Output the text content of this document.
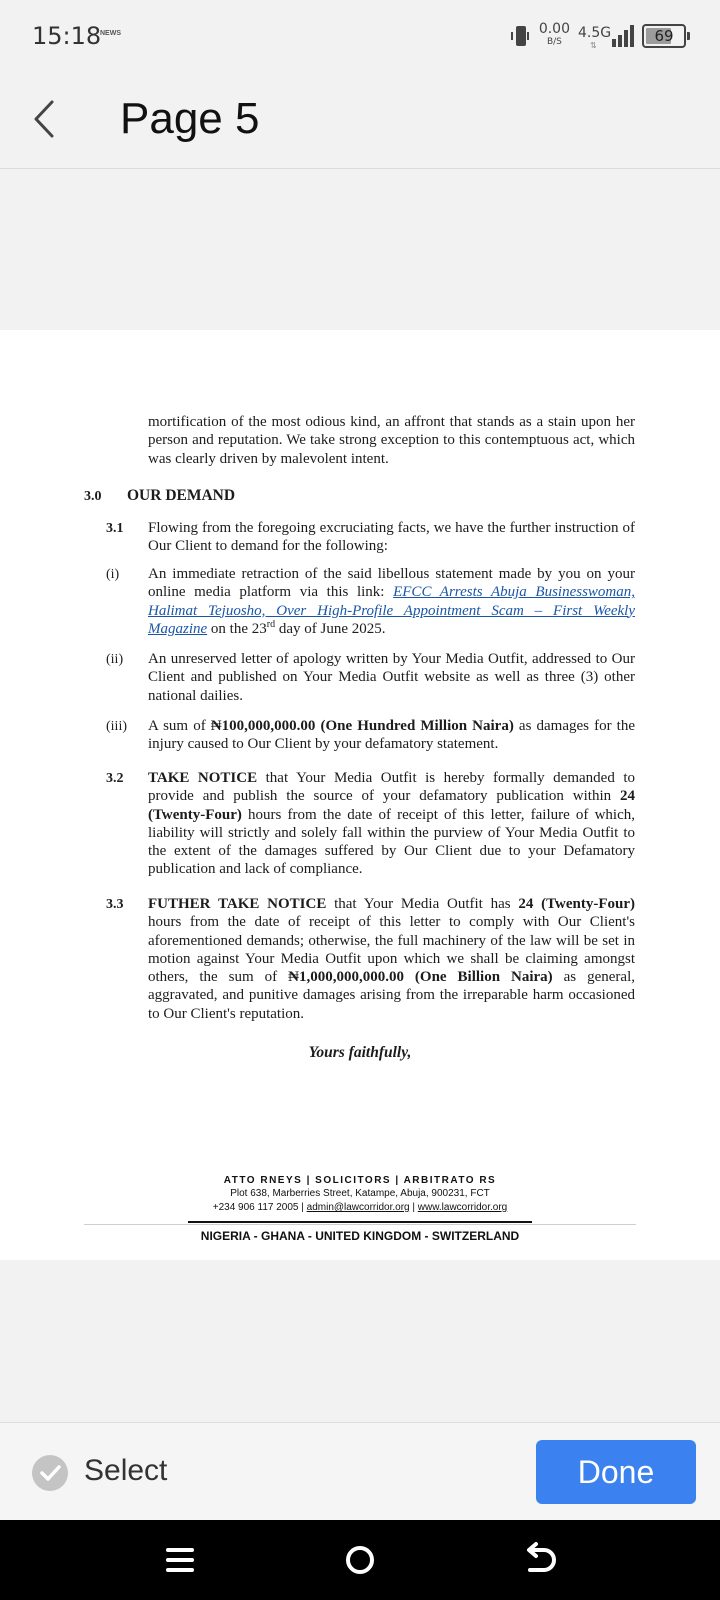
15:18
NEWS	0.00
B/S
4.5G
⇅
69
Page 5
mortification of the most odious kind, an affront that stands as a stain upon her person and reputation. We take strong exception to this contemptuous act, which was clearly driven by malevolent intent.
3.0 OUR DEMAND
3.1 Flowing from the foregoing excruciating facts, we have the further instruction of Our Client to demand for the following:
(i) An immediate retraction of the said libellous statement made by you on your online media platform via this link: EFCC Arrests Abuja Businesswoman, Halimat Tejuosho, Over High-Profile Appointment Scam – First Weekly Magazine on the 23rd day of June 2025.
(ii) An unreserved letter of apology written by Your Media Outfit, addressed to Our Client and published on Your Media Outfit website as well as three (3) other national dailies.
(iii) A sum of ₦100,000,000.00 (One Hundred Million Naira) as damages for the injury caused to Our Client by your defamatory statement.
3.2 TAKE NOTICE that Your Media Outfit is hereby formally demanded to provide and publish the source of your defamatory publication within 24 (Twenty-Four) hours from the date of receipt of this letter, failure of which, liability will strictly and solely fall within the purview of Your Media Outfit to the extent of the damages suffered by Our Client due to your Defamatory publication and lack of compliance.
3.3 FUTHER TAKE NOTICE that Your Media Outfit has 24 (Twenty-Four) hours from the date of receipt of this letter to comply with Our Client's aforementioned demands; otherwise, the full machinery of the law will be set in motion against Your Media Outfit upon which we shall be claiming amongst others, the sum of ₦1,000,000,000.00 (One Billion Naira) as general, aggravated, and punitive damages arising from the irreparable harm occasioned to Our Client's reputation.
Yours faithfully,
ATTO RNEYS | SOLICITORS | ARBITRATO RS
Plot 638, Marberries Street, Katampe, Abuja, 900231, FCT
+234 906 117 2005 | admin@lawcorridor.org | www.lawcorridor.org
NIGERIA - GHANA - UNITED KINGDOM - SWITZERLAND
Select	Done
